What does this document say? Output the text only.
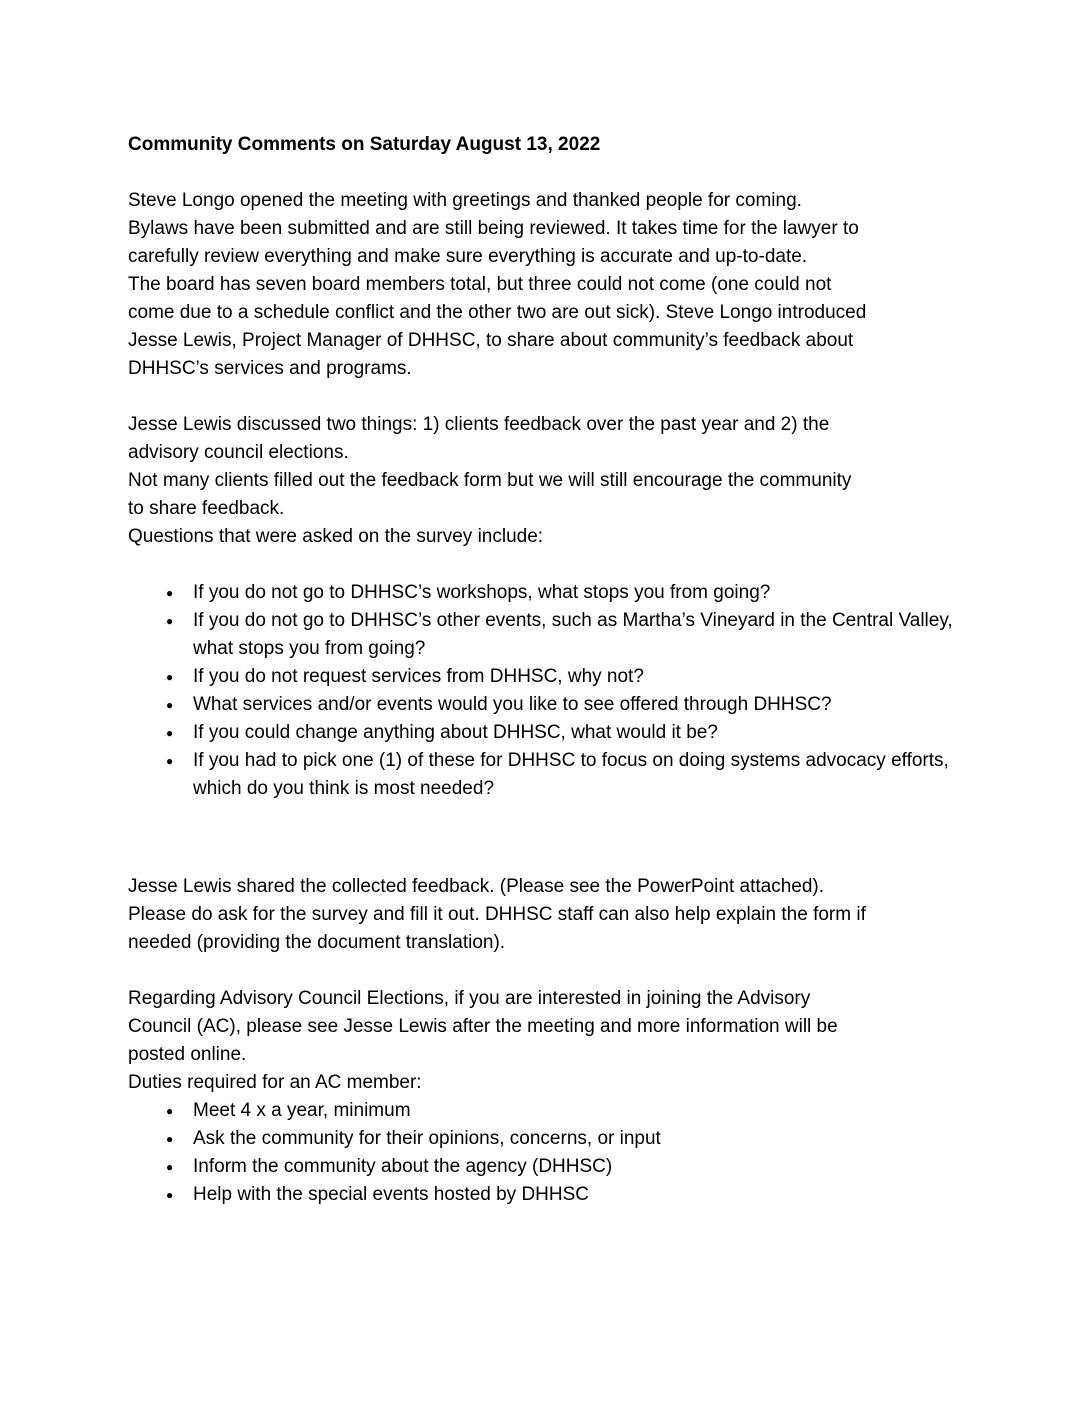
Community Comments on Saturday August 13, 2022
Steve Longo opened the meeting with greetings and thanked people for coming.
Bylaws have been submitted and are still being reviewed. It takes time for the lawyer to
carefully review everything and make sure everything is accurate and up-to-date.
The board has seven board members total, but three could not come (one could not
come due to a schedule conflict and the other two are out sick). Steve Longo introduced
Jesse Lewis, Project Manager of DHHSC, to share about community’s feedback about
DHHSC’s services and programs.
Jesse Lewis discussed two things: 1) clients feedback over the past year and 2) the
advisory council elections.
Not many clients filled out the feedback form but we will still encourage the community
to share feedback.
Questions that were asked on the survey include:
●	If you do not go to DHHSC’s workshops, what stops you from going?
●	If you do not go to DHHSC’s other events, such as Martha’s Vineyard in the Central Valley, what stops you from going?
●	If you do not request services from DHHSC, why not?
●	What services and/or events would you like to see offered through DHHSC?
●	If you could change anything about DHHSC, what would it be?
●	If you had to pick one (1) of these for DHHSC to focus on doing systems advocacy efforts, which do you think is most needed?
Jesse Lewis shared the collected feedback. (Please see the PowerPoint attached).
Please do ask for the survey and fill it out. DHHSC staff can also help explain the form if
needed (providing the document translation).
Regarding Advisory Council Elections, if you are interested in joining the Advisory
Council (AC), please see Jesse Lewis after the meeting and more information will be
posted online.
Duties required for an AC member:
●	Meet 4 x a year, minimum
●	Ask the community for their opinions, concerns, or input
●	Inform the community about the agency (DHHSC)
●	Help with the special events hosted by DHHSC
